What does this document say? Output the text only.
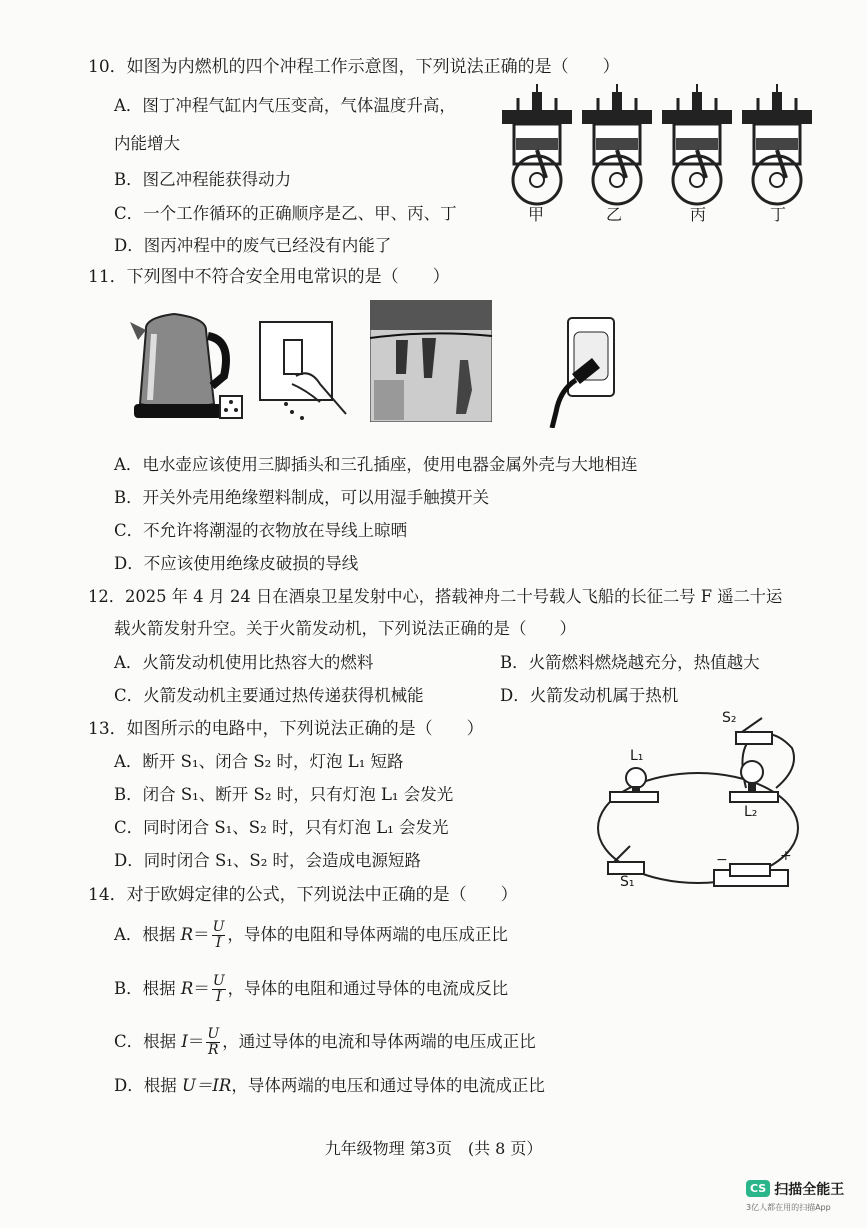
10．如图为内燃机的四个冲程工作示意图，下列说法正确的是（　　）
A．图丁冲程气缸内气压变高，气体温度升高，
内能增大
B．图乙冲程能获得动力
C．一个工作循环的正确顺序是乙、甲、丙、丁
D．图丙冲程中的废气已经没有内能了
甲	乙	丙	丁
11．下列图中不符合安全用电常识的是（　　）
A．电水壶应该使用三脚插头和三孔插座，使用电器金属外壳与大地相连
B．开关外壳用绝缘塑料制成，可以用湿手触摸开关
C．不允许将潮湿的衣物放在导线上晾晒
D．不应该使用绝缘皮破损的导线
12．2025 年 4 月 24 日在酒泉卫星发射中心，搭载神舟二十号载人飞船的长征二号 F 遥二十运
载火箭发射升空。关于火箭发动机，下列说法正确的是（　　）
A．火箭发动机使用比热容大的燃料	B．火箭燃料燃烧越充分，热值越大
C．火箭发动机主要通过热传递获得机械能	D．火箭发动机属于热机
13．如图所示的电路中，下列说法正确的是（　　）
A．断开 S₁、闭合 S₂ 时，灯泡 L₁ 短路
B．闭合 S₁、断开 S₂ 时，只有灯泡 L₁ 会发光
C．同时闭合 S₁、S₂ 时，只有灯泡 L₁ 会发光
D．同时闭合 S₁、S₂ 时，会造成电源短路
S₂
L₁
L₂
S₁
−	+
14．对于欧姆定律的公式，下列说法中正确的是（　　）
A．根据 $R= \frac{U}{I}$ ，导体的电阻和导体两端的电压成正比
B．根据 $R= \frac{U}{I}$ ，导体的电阻和通过导体的电流成反比
C．根据 $I= \frac{U}{R}$ ，通过导体的电流和导体两端的电压成正比
D．根据 U＝IR，导体两端的电压和通过导体的电流成正比
九年级物理 第3页　(共 8 页）
CS 扫描全能王
3亿人都在用的扫描App
